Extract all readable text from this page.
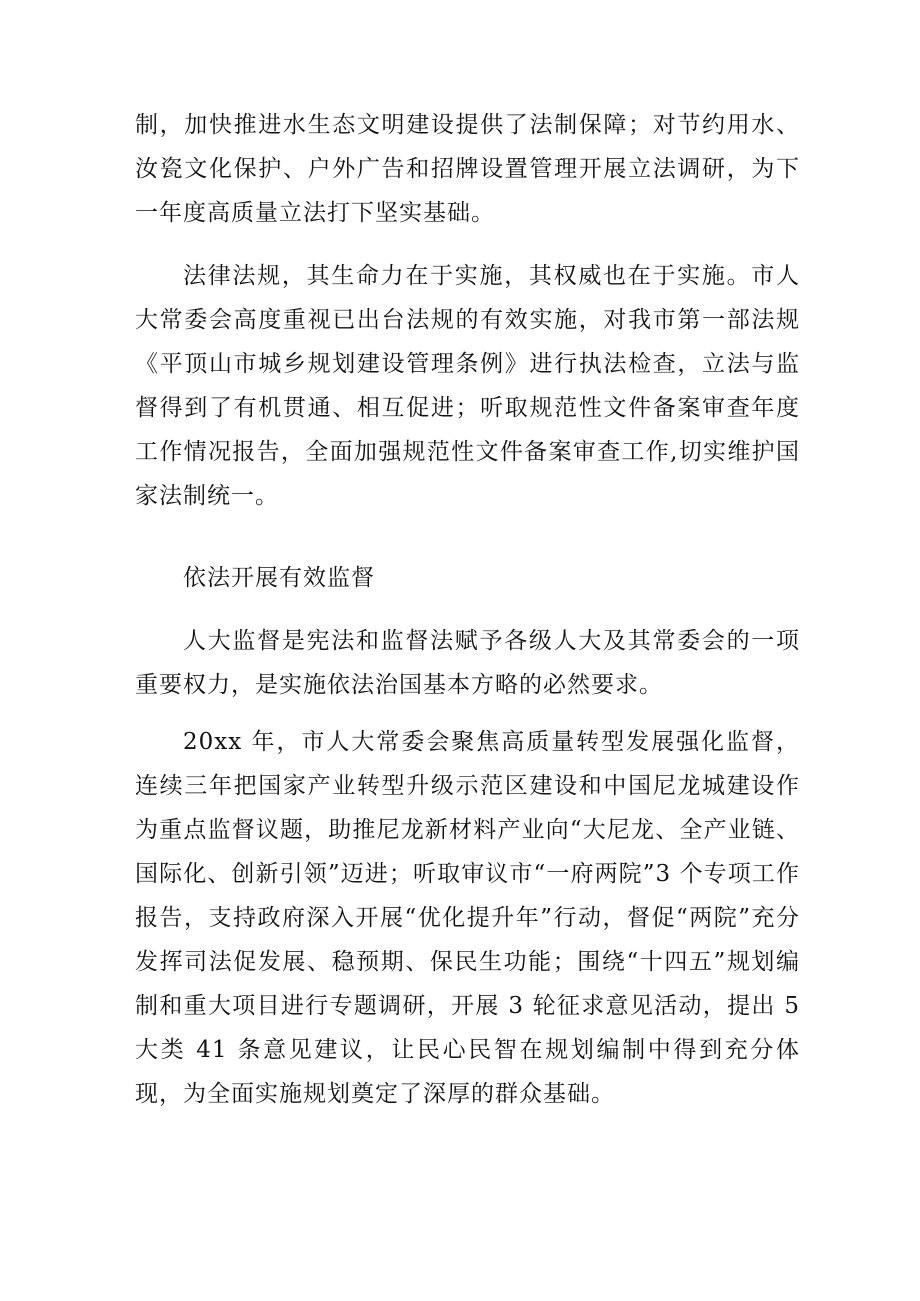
制，加快推进水生态文明建设提供了法制保障；对节约用水、汝瓷文化保护、户外广告和招牌设置管理开展立法调研，为下一年度高质量立法打下坚实基础。

法律法规，其生命力在于实施，其权威也在于实施。市人大常委会高度重视已出台法规的有效实施，对我市第一部法规《平顶山市城乡规划建设管理条例》进行执法检查，立法与监督得到了有机贯通、相互促进；听取规范性文件备案审查年度工作情况报告，全面加强规范性文件备案审查工作,切实维护国家法制统一。

依法开展有效监督

人大监督是宪法和监督法赋予各级人大及其常委会的一项重要权力，是实施依法治国基本方略的必然要求。

20xx 年，市人大常委会聚焦高质量转型发展强化监督，连续三年把国家产业转型升级示范区建设和中国尼龙城建设作为重点监督议题，助推尼龙新材料产业向“大尼龙、全产业链、国际化、创新引领”迈进；听取审议市“一府两院”3 个专项工作报告，支持政府深入开展“优化提升年”行动，督促“两院”充分发挥司法促发展、稳预期、保民生功能；围绕“十四五”规划编制和重大项目进行专题调研，开展 3 轮征求意见活动，提出 5 大类 41 条意见建议，让民心民智在规划编制中得到充分体现，为全面实施规划奠定了深厚的群众基础。
